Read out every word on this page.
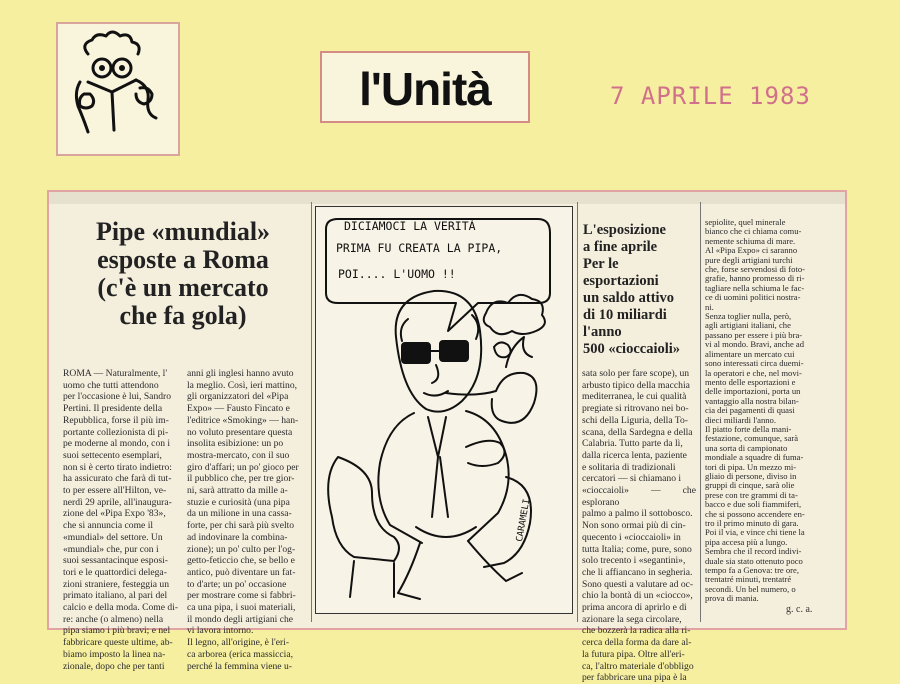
l'Unità	7 APRILE 1983
Pipe «mundial»
esposte a Roma
(c'è un mercato
che fa gola)

ROMA — Naturalmente, l'

uomo che tutti attendono

per l'occasione è lui, Sandro

Pertini. Il presidente della

Repubblica, forse il più im-

portante collezionista di pi-

pe moderne al mondo, con i

suoi settecento esemplari,

non si è certo tirato indietro:

ha assicurato che farà di tut-

to per essere all'Hilton, ve-

nerdì 29 aprile, all'inaugura-

zione del «Pipa Expo '83»,

che si annuncia come il

«mundial» del settore. Un

«mundial» che, pur con i

suoi sessantacinque esposi-

tori e le quattordici delega-

zioni straniere, festeggia un

primato italiano, al pari del

calcio e della moda. Come di-

re: anche (o almeno) nella

pipa siamo i più bravi; e nel

fabbricare queste ultime, ab-

biamo imposto la linea na-

zionale, dopo che per tanti

anni gli inglesi hanno avuto

la meglio. Così, ieri mattino,

gli organizzatori del «Pipa

Expo» — Fausto Fincato e

l'editrice «Smoking» — han-

no voluto presentare questa

insolita esibizione: un po

mostra-mercato, con il suo

giro d'affari; un po' gioco per

il pubblico che, per tre gior-

ni, sarà attratto da mille a-

stuzie e curiosità (una pipa

da un milione in una cassa-

forte, per chi sarà più svelto

ad indovinare la combina-

zione); un po' culto per l'og-

getto-feticcio che, se bello e

antico, può diventare un fat-

to d'arte; un po' occasione

per mostrare come si fabbri-

ca una pipa, i suoi materiali,

il mondo degli artigiani che

vi lavora intorno.

Il legno, all'origine, è l'eri-

ca arborea (erica massiccia,

perché la femmina viene u-

DICIAMOCI LA VERITÀ
PRIMA FU CREATA LA PIPA,
POI.... L'UOMO !!
CARAMELI
L'esposizione
a fine aprile
Per le
esportazioni
un saldo attivo
di 10 miliardi
l'anno
500 «cioccaioli»

sata solo per fare scope), un

arbusto tipico della macchia

mediterranea, le cui qualità

pregiate si ritrovano nei bo-

schi della Liguria, della To-

scana, della Sardegna e della

Calabria. Tutto parte da lì,

dalla ricerca lenta, paziente

e solitaria di tradizionali

cercatori — si chiamano i

«cioccaioli» — che esplorano

palmo a palmo il sottobosco.

Non sono ormai più di cin-

quecento i «cioccaioli» in

tutta Italia; come, pure, sono

solo trecento i «segantini»,

che li affiancano in segheria.

Sono questi a valutare ad oc-

chio la bontà di un «ciocco»,

prima ancora di aprirlo e di

azionare la sega circolare,

che bozzerà la radica alla ri-

cerca della forma da dare al-

la futura pipa. Oltre all'eri-

ca, l'altro materiale d'obbligo

per fabbricare una pipa è la

sepiolite, quel minerale

bianco che ci chiama comu-

nemente schiuma di mare.

Al «Pipa Expo» ci saranno

pure degli artigiani turchi

che, forse servendosi di foto-

grafie, hanno promesso di ri-

tagliare nella schiuma le fac-

ce di uomini politici nostra-

ni.

Senza toglier nulla, però,

agli artigiani italiani, che

passano per essere i più bra-

vi al mondo. Bravi, anche ad

alimentare un mercato cui

sono interessati circa duemi-

la operatori e che, nel movi-

mento delle esportazioni e

delle importazioni, porta un

vantaggio alla nostra bilan-

cia dei pagamenti di quasi

dieci miliardi l'anno.

Il piatto forte della mani-

festazione, comunque, sarà

una sorta di campionato

mondiale a squadre di fuma-

tori di pipa. Un mezzo mi-

gliaio di persone, diviso in

gruppi di cinque, sarà olie

prese con tre grammi di ta-

bacco e due soli fiammiferi,

che si possono accendere en-

tro il primo minuto di gara.

Poi il via, e vince chi tiene la

pipa accesa più a lungo.

Sembra che il record indivi-

duale sia stato ottenuto poco

tempo fa a Genova: tre ore,

trentatré minuti, trentatré

secondi. Un bel numero, o

prova di mania.

g. c. a.
